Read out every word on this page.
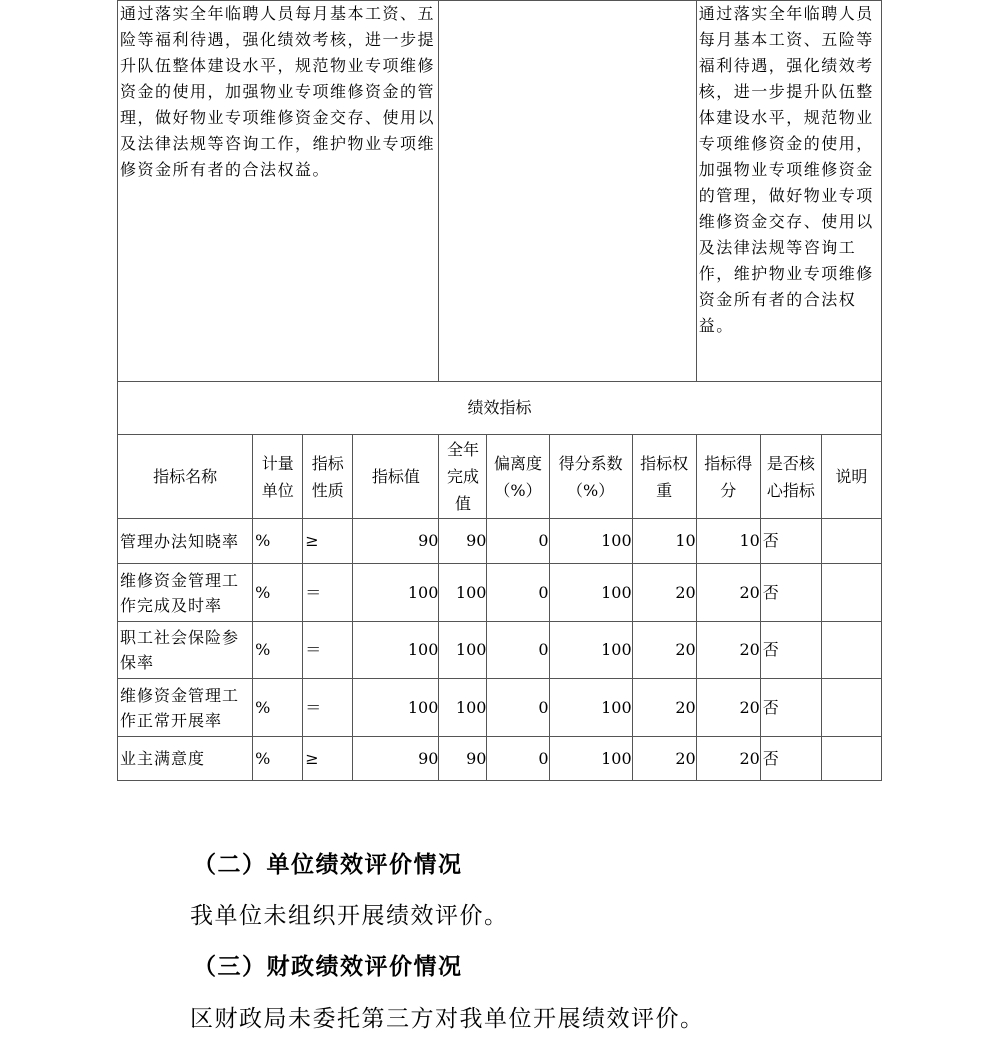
通过落实全年临聘人员每月基本工资、五险等福利待遇，强化绩效考核，进一步提升队伍整体建设水平，规范物业专项维修资金的使用，加强物业专项维修资金的管理，做好物业专项维修资金交存、使用以及法律法规等咨询工作，维护物业专项维修资金所有者的合法权益。								通过落实全年临聘人员每月基本工资、五险等福利待遇，强化绩效考核，进一步提升队伍整体建设水平，规范物业专项维修资金的使用，加强物业专项维修资金的管理，做好物业专项维修资金交存、使用以及法律法规等咨询工作，维护物业专项维修资金所有者的合法权益。		
绩效指标										
指标名称	计量单位	指标性质	指标值	全年完成值	偏离度（%）	得分系数（%）	指标权重	指标得分	是否核心指标	说明
管理办法知晓率	%	≥	90	90	0	100	10	10	否	
维修资金管理工作完成及时率	%	＝	100	100	0	100	20	20	否	
职工社会保险参保率	%	＝	100	100	0	100	20	20	否	
维修资金管理工作正常开展率	%	＝	100	100	0	100	20	20	否	
业主满意度	%	≥	90	90	0	100	20	20	否	
（二）单位绩效评价情况
我单位未组织开展绩效评价。
（三）财政绩效评价情况
区财政局未委托第三方对我单位开展绩效评价。
